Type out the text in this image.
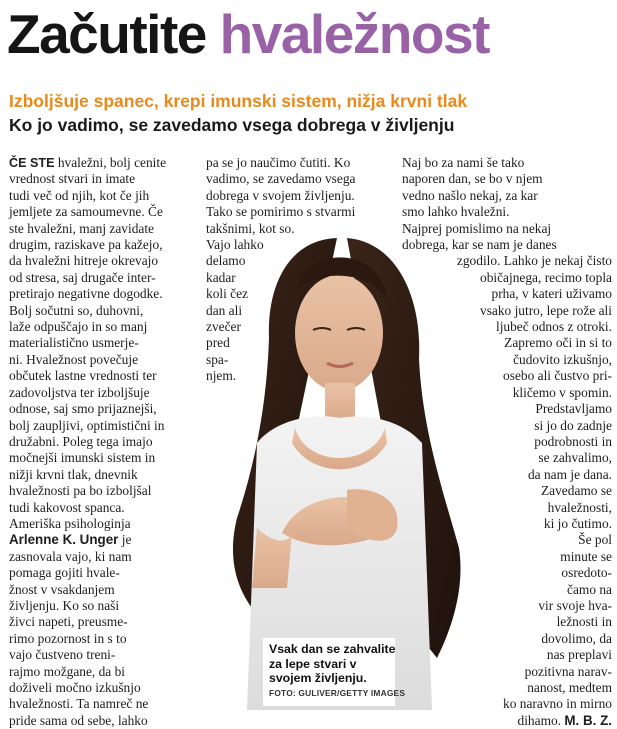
Začutite hvaležnost

Izboljšuje spanec, krepi imunski sistem, nižja krvni tlak

Ko jo vadimo, se zavedamo vsega dobrega v življenju

ČE STE hvaležni, bolj cenite
vrednost stvari in imate
tudi več od njih, kot če jih
jemljete za samoumevne. Če
ste hvaležni, manj zavidate
drugim, raziskave pa kažejo,
da hvaležni hitreje okrevajo
od stresa, saj drugače inter-
pretirajo negativne dogodke.
Bolj sočutni so, duhovni,
laže odpuščajo in so manj
materialistično usmerje-
ni. Hvaležnost povečuje
občutek lastne vrednosti ter
zadovoljstva ter izboljšuje
odnose, saj smo prijaznejši,
bolj zaupljivi, optimistični in
družabni. Poleg tega imajo
močnejši imunski sistem in
nižji krvni tlak, dnevnik
hvaležnosti pa bo izboljšal
tudi kakovost spanca.
Ameriška psihologinja
Arlenne K. Unger je
zasnovala vajo, ki nam
pomaga gojiti hvale-
žnost v vsakdanjem
življenju. Ko so naši
živci napeti, preusme-
rimo pozornost in s to
vajo čustveno treni-
rajmo možgane, da bi
doživeli močno izkušnjo
hvaležnosti. Ta namreč ne
pride sama od sebe, lahko
pa se jo naučimo čutiti. Ko
vadimo, se zavedamo vsega
dobrega v svojem življenju.
Tako se pomirimo s stvarmi
takšnimi, kot so.
Vajo lahko
delamo
kadar
koli čez
dan ali
zvečer
pred
spa-
njem.
Naj bo za nami še tako
naporen dan, se bo v njem
vedno našlo nekaj, za kar
smo lahko hvaležni.
Najprej pomislimo na nekaj
dobrega, kar se nam je danes
zgodilo. Lahko je nekaj čisto
običajnega, recimo topla
prha, v kateri uživamo
vsako jutro, lepe rože ali
ljubeč odnos z otroki.
Zapremo oči in si to
čudovito izkušnjo,
osebo ali čustvo pri-
kličemo v spomin.
Predstavljamo
si jo do zadnje
podrobnosti in
se zahvalimo,
da nam je dana.
Zavedamo se
hvaležnosti,
ki jo čutimo.
Še pol
minute se
osredoto-
čamo na
vir svoje hva-
ležnosti in
dovolimo, da
nas preplavi
pozitivna narav-
nanost, medtem
ko naravno in mirno
dihamo. M. B. Z.
Vsak dan se zahvalite
za lepe stvari v
svojem življenju.
FOTO: GULIVER/GETTY IMAGES
